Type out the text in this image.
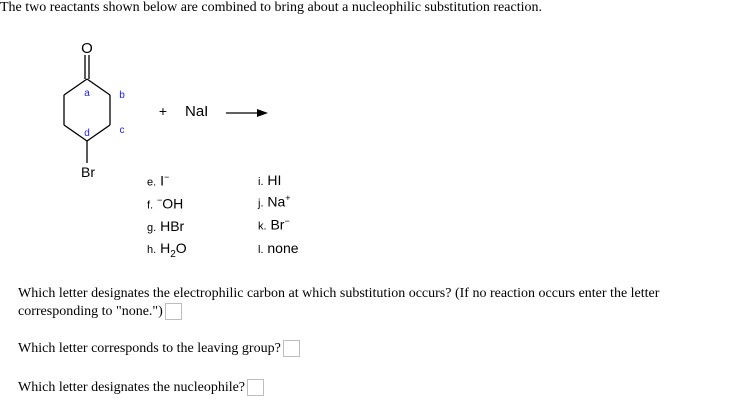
The two reactants shown below are combined to bring about a nucleophilic substitution reaction.
O
Br
a	b
c
d
+ NaI
e. I−
f. −OH
g. HBr
h. $H_2O$
i. HI
j. Na+
k. Br−
l. none
Which letter designates the electrophilic carbon at which substitution occurs? (If no reaction occurs enter the letter
corresponding to "none.")
Which letter corresponds to the leaving group?
Which letter designates the nucleophile?
